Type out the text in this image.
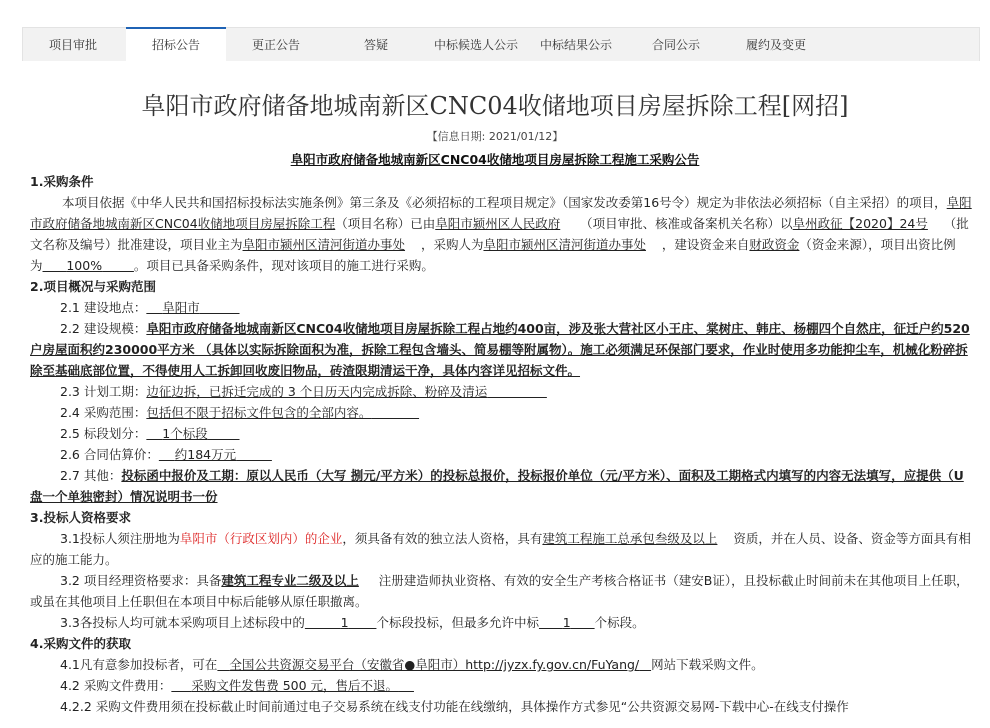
项目审批	招标公告	更正公告	答疑	中标候选人公示	中标结果公示	合同公示	履约及变更
阜阳市政府储备地城南新区CNC04收储地项目房屋拆除工程[网招]
【信息日期: 2021/01/12】
阜阳市政府储备地城南新区CNC04收储地项目房屋拆除工程施工采购公告

1.采购条件

本项目依据《中华人民共和国招标投标法实施条例》第三条及《必须招标的工程项目规定》（国家发改委第16号令）规定为非依法必须招标（自主采招）的项目，阜阳市政府储备地城南新区CNC04收储地项目房屋拆除工程（项目名称）已由阜阳市颍州区人民政府 （项目审批、核准或备案机关名称）以阜州政征【2020】24号 （批文名称及编号）批准建设，项目业主为阜阳市颍州区清河街道办事处 ，采购人为阜阳市颍州区清河街道办事处 ，建设资金来自财政资金（资金来源），项目出资比例为 100%	。项目已具备采购条件，现对该项目的施工进行采购。

2.项目概况与采购范围

2.1 建设地点： 阜阳市

2.2 建设规模：阜阳市政府储备地城南新区CNC04收储地项目房屋拆除工程占地约400亩，涉及张大营社区小王庄、棠树庄、韩庄、杨棚四个自然庄，征迁户约520户房屋面积约230000平方米 （具体以实际拆除面积为准，拆除工程包含墙头、简易棚等附属物）。施工必须满足环保部门要求，作业时使用多功能抑尘车，机械化粉碎拆除至基础底部位置，不得使用人工拆卸回收废旧物品，砖渣限期清运干净，具体内容详见招标文件。

2.3 计划工期：边征边拆，已拆迁完成的 3 个日历天内完成拆除、粉碎及清运

2.4 采购范围：包括但不限于招标文件包含的全部内容。

2.5 标段划分： 1个标段

2.6 合同估算价： 约184万元

2.7 其他：投标函中报价及工期：原以人民币（大写 捌元/平方米）的投标总报价，投标报价单位（元/平方米）、面积及工期格式内填写的内容无法填写，应提供（U盘一个单独密封）情况说明书一份

3.投标人资格要求

3.1投标人须注册地为阜阳市（行政区划内）的企业，须具备有效的独立法人资格，具有建筑工程施工总承包叁级及以上 资质，并在人员、设备、资金等方面具有相应的施工能力。

3.2 项目经理资格要求：具备建筑工程专业二级及以上 注册建造师执业资格、有效的安全生产考核合格证书（建安B证），且投标截止时间前未在其他项目上任职，或虽在其他项目上任职但在本项目中标后能够从原任职撤离。

3.3各投标人均可就本采购项目上述标段中的	1 个标段投标，但最多允许中标 1 个标段。

4.采购文件的获取

4.1凡有意参加投标者，可在 全国公共资源交易平台（安徽省●阜阳市）http://jyzx.fy.gov.cn/FuYang/ 网站下载采购文件。

4.2 采购文件费用： 采购文件发售费 500 元，售后不退。

4.2.2 采购文件费用须在投标截止时间前通过电子交易系统在线支付功能在线缴纳，具体操作方式参见“公共资源交易网-下载中心-在线支付操作
